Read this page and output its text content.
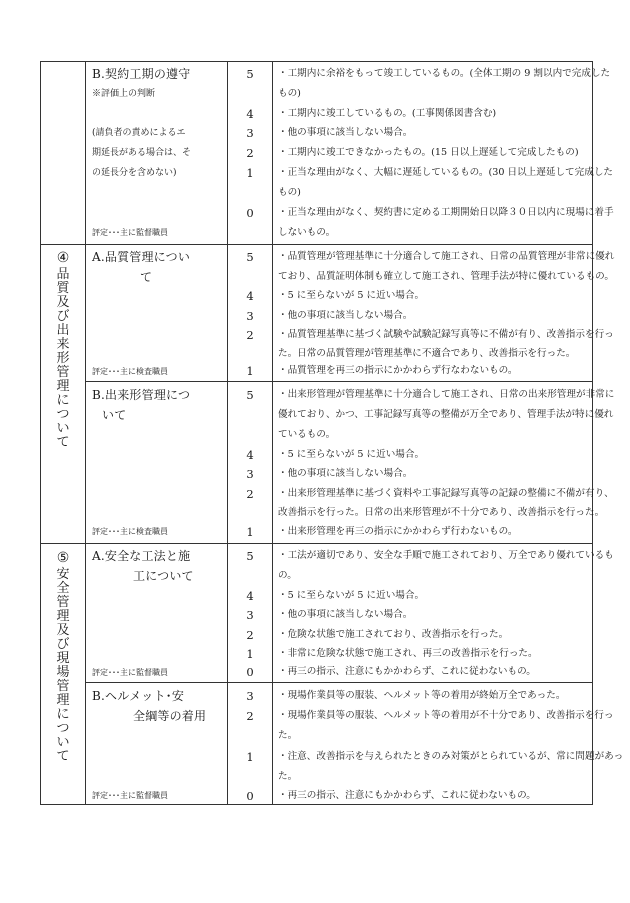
B.契約工期の遵守
※評価上の判断
(請負者の責めによるエ
期延長がある場合は、そ
の延長分を含めない)
評定･･･主に監督職員
5	・工期内に余裕をもって竣工しているもの。(全体工期の 9 割以内で完成した
もの)
4	・工期内に竣工しているもの。(工事関係図書含む)
3	・他の事項に該当しない場合。
2	・工期内に竣工できなかったもの。(15 日以上遅延して完成したもの)
1	・正当な理由がなく、大幅に遅延しているもの。(30 日以上遅延して完成した
もの)
0	・正当な理由がなく、契約書に定める工期開始日以降３０日以内に現場に着手
しないもの。
④
品
質
及
び
出
来
形
管
理
に
つ
い
て
A.品質管理につい
て
評定･･･主に検査職員
5	・品質管理が管理基準に十分適合して施工され、日常の品質管理が非常に優れ
ており、品質証明体制も確立して施工され、管理手法が特に優れているもの。
4	・5 に至らないが 5 に近い場合。
3	・他の事項に該当しない場合。
2	・品質管理基準に基づく試験や試験記録写真等に不備が有り、改善指示を行っ
た。日常の品質管理が管理基準に不適合であり、改善指示を行った。
1	・品質管理を再三の指示にかかわらず行なわないもの。
B.出来形管理につ
いて
評定･･･主に検査職員
5	・出来形管理が管理基準に十分適合して施工され、日常の出来形管理が非常に
優れており、かつ、工事記録写真等の整備が万全であり、管理手法が特に優れ
ているもの。
4	・5 に至らないが 5 に近い場合。
3	・他の事項に該当しない場合。
2	・出来形管理基準に基づく資料や工事記録写真等の記録の整備に不備が有り、
改善指示を行った。日常の出来形管理が不十分であり、改善指示を行った。
1	・出来形管理を再三の指示にかかわらず行わないもの。
⑤
安
全
管
理
及
び
現
場
管
理
に
つ
い
て
A.安全な工法と施
工について
評定･･･主に監督職員
5	・工法が適切であり、安全な手順で施工されており、万全であり優れているも
の。
4	・5 に至らないが 5 に近い場合。
3	・他の事項に該当しない場合。
2	・危険な状態で施工されており、改善指示を行った。
1	・非常に危険な状態で施工され、再三の改善指示を行った。
0	・再三の指示、注意にもかかわらず、これに従わないもの。
B.ヘルメット･安
全綱等の着用
評定･･･主に監督職員
3	・現場作業員等の服装、ヘルメット等の着用が終始万全であった。
2	・現場作業員等の服装、ヘルメット等の着用が不十分であり、改善指示を行っ
た。
1	・注意、改善指示を与えられたときのみ対策がとられているが、常に問題があっ
た。
0	・再三の指示、注意にもかかわらず、これに従わないもの。
